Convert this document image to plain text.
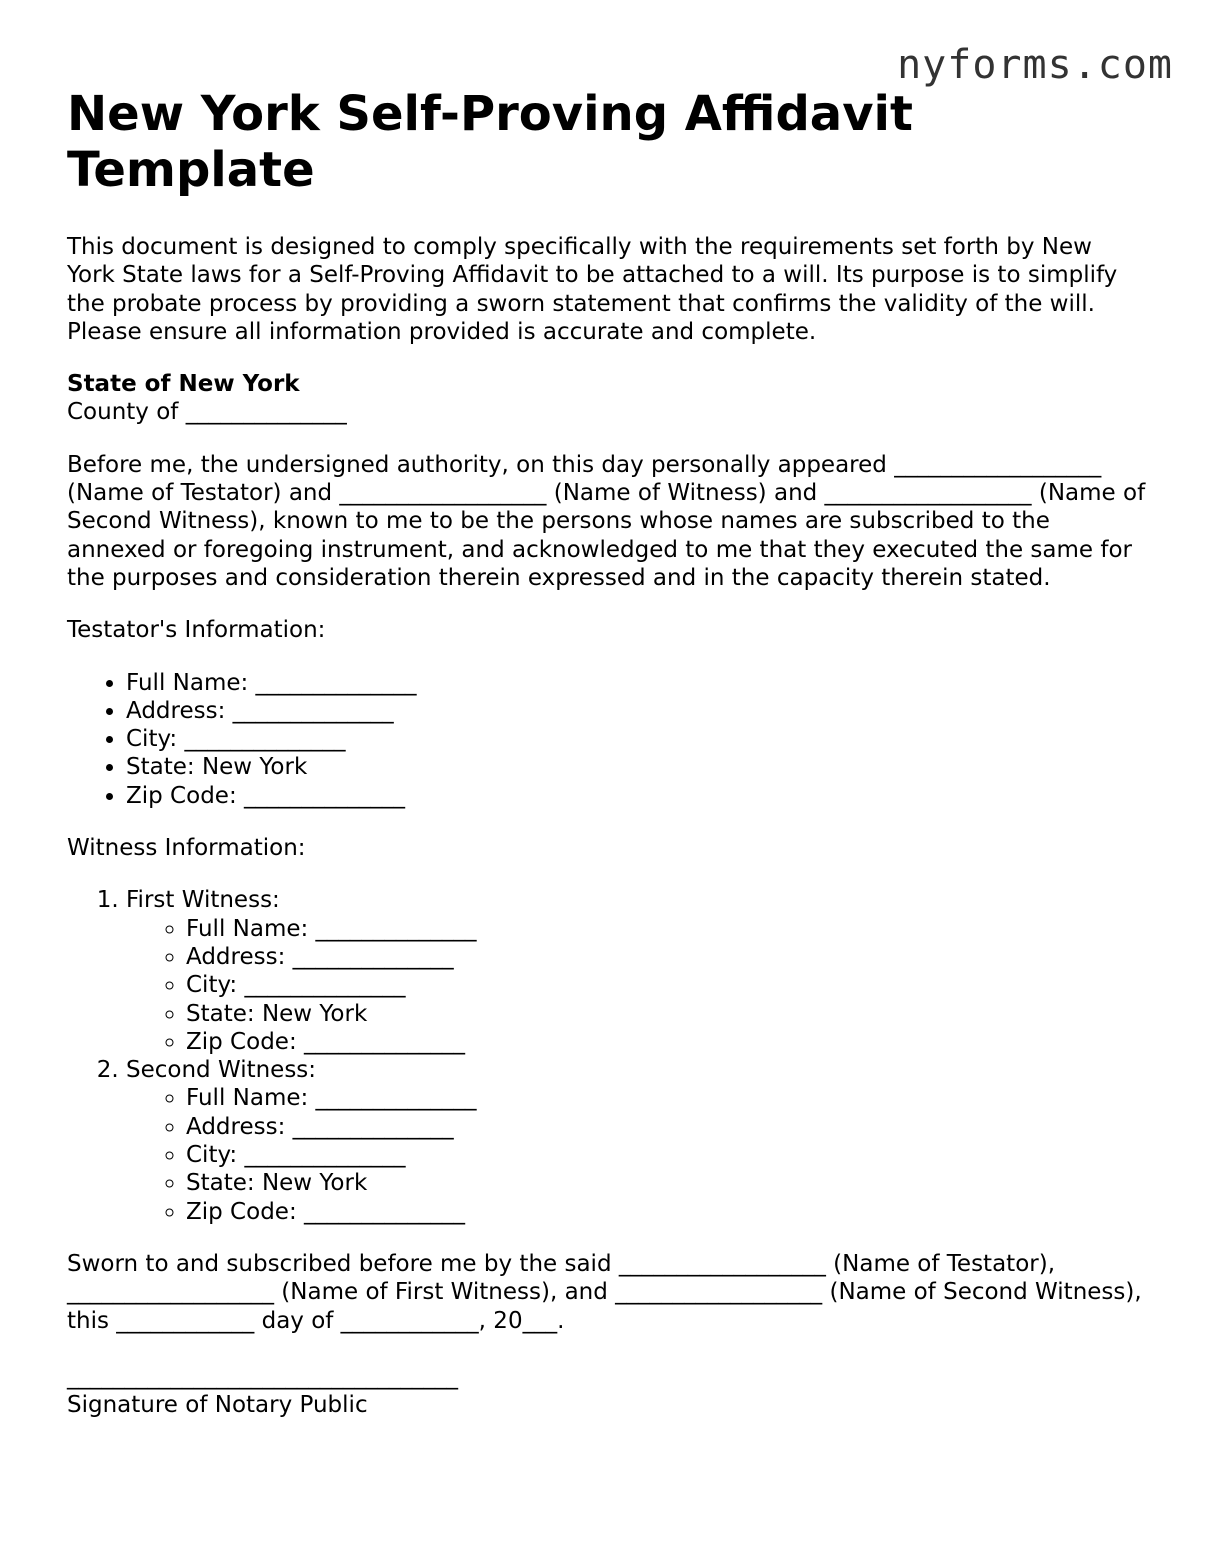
nyforms.com
New York Self-Proving Affidavit Template

This document is designed to comply specifically with the requirements set forth by New York State laws for a Self-Proving Affidavit to be attached to a will. Its purpose is to simplify the probate process by providing a sworn statement that confirms the validity of the will. Please ensure all information provided is accurate and complete.

State of New York
County of ______________

Before me, the undersigned authority, on this day personally appeared __________________ (Name of Testator) and __________________ (Name of Witness) and __________________ (Name of Second Witness), known to me to be the persons whose names are subscribed to the annexed or foregoing instrument, and acknowledged to me that they executed the same for the purposes and consideration therein expressed and in the capacity therein stated.

Testator's Information:

• Full Name: ______________
• Address: ______________
• City: ______________
• State: New York
• Zip Code: ______________

Witness Information:

1. First Witness:
◦ Full Name: ______________
◦ Address: ______________
◦ City: ______________
◦ State: New York
◦ Zip Code: ______________
2. Second Witness:
◦ Full Name: ______________
◦ Address: ______________
◦ City: ______________
◦ State: New York
◦ Zip Code: ______________

Sworn to and subscribed before me by the said __________________ (Name of Testator), __________________ (Name of First Witness), and __________________ (Name of Second Witness), this ____________ day of ____________, 20___.

__________________________________
Signature of Notary Public
